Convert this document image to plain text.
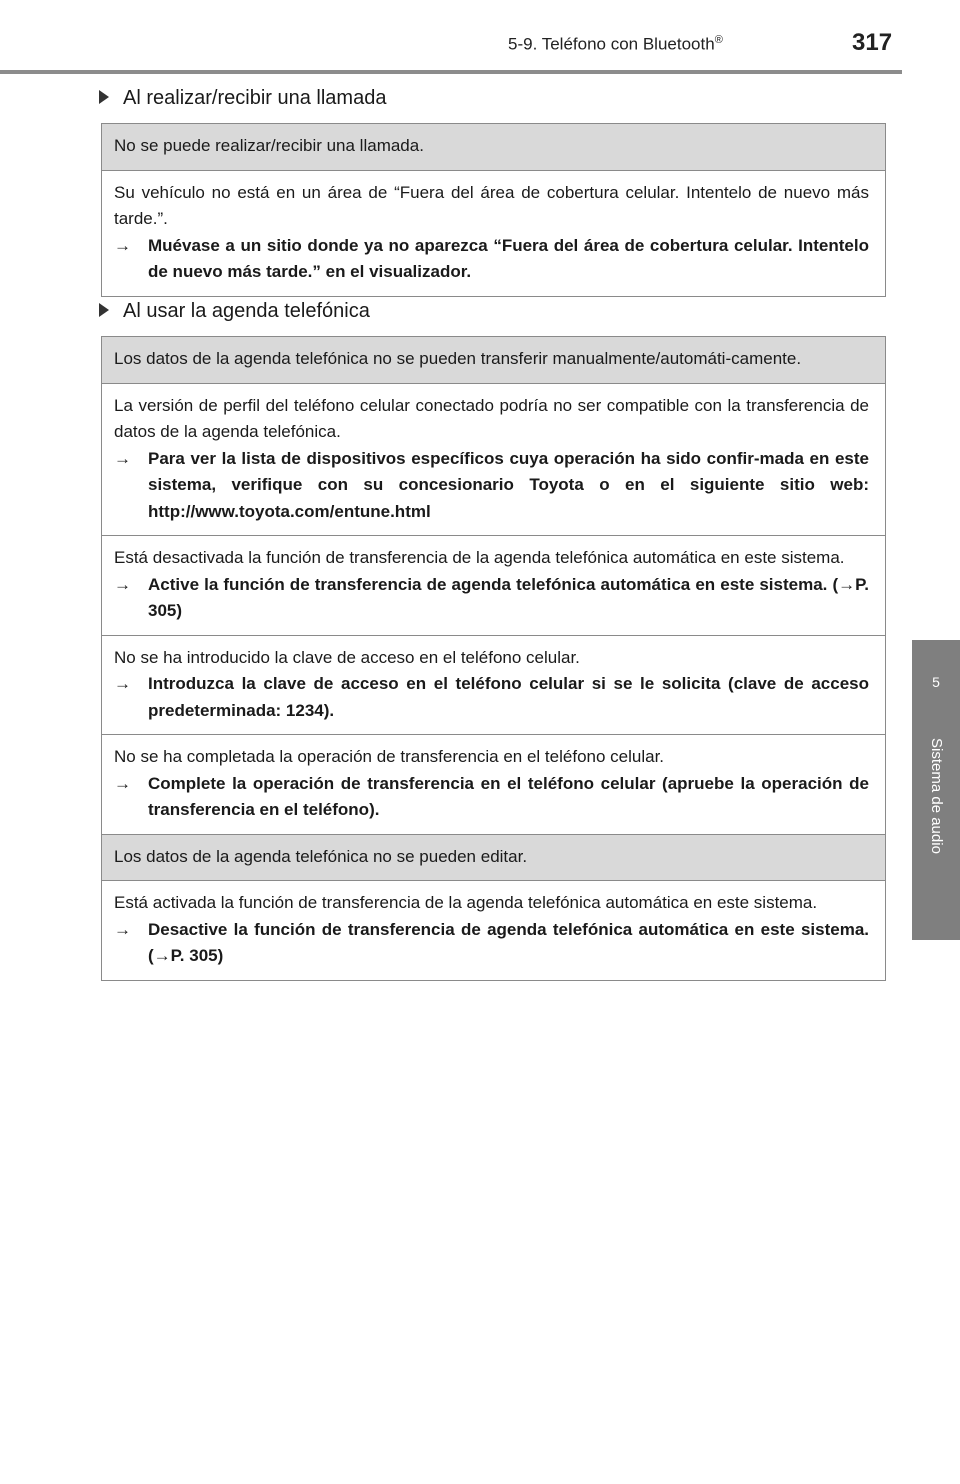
5-9. Teléfono con Bluetooth®	317
5
Sistema de audio
Al realizar/recibir una llamada
No se puede realizar/recibir una llamada.

Su vehículo no está en un área de “Fuera del área de cobertura celular. Intentelo de nuevo más tarde.”.
→	Muévase a un sitio donde ya no aparezca “Fuera del área de cobertura celular. Intentelo de nuevo más tarde.” en el visualizador.
Al usar la agenda telefónica
Los datos de la agenda telefónica no se pueden transferir manualmente/automáti-camente.

La versión de perfil del teléfono celular conectado podría no ser compatible con la transferencia de datos de la agenda telefónica.
→	Para ver la lista de dispositivos específicos cuya operación ha sido confir-mada en este sistema, verifique con su concesionario Toyota o en el siguiente sitio web: http://www.toyota.com/entune.html

Está desactivada la función de transferencia de la agenda telefónica automática en este sistema.
→	Active la función de transferencia de agenda telefónica automática en este sistema. (→P. 305)

No se ha introducido la clave de acceso en el teléfono celular.
→	Introduzca la clave de acceso en el teléfono celular si se le solicita (clave de acceso predeterminada: 1234).

No se ha completada la operación de transferencia en el teléfono celular.
→	Complete la operación de transferencia en el teléfono celular (apruebe la operación de transferencia en el teléfono).

Los datos de la agenda telefónica no se pueden editar.

Está activada la función de transferencia de la agenda telefónica automática en este sistema.
→	Desactive la función de transferencia de agenda telefónica automática en este sistema. (→P. 305)
